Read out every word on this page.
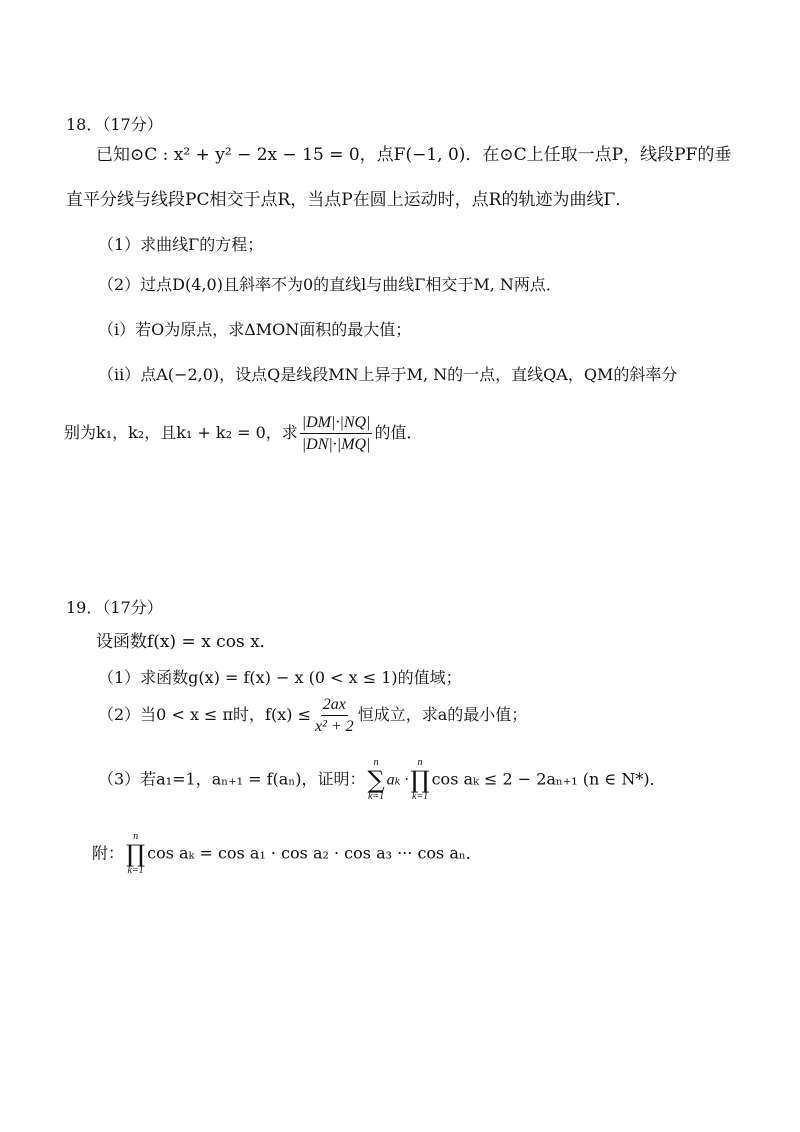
18．（17分）
已知⊙C : x² + y² − 2x − 15 = 0，点F(−1, 0)．在⊙C上任取一点P，线段PF的垂
直平分线与线段PC相交于点R，当点P在圆上运动时，点R的轨迹为曲线Γ．
（1）求曲线Γ的方程；
（2）过点D(4,0)且斜率不为0的直线l与曲线Γ相交于M, N两点．
（i）若O为原点，求ΔMON面积的最大值；
（ii）点A(−2,0)，设点Q是线段MN上异于M, N的一点，直线QA，QM的斜率分
别为k₁，k₂，且k₁ + k₂ = 0，求 $\frac{|DM|\cdot|NQ|}{|DN|\cdot|MQ|}$ 的值．
19．（17分）
设函数f(x) = x cos x．
（1）求函数g(x) = f(x) − x (0 < x ≤ 1)的值域；
（2）当0 < x ≤ π时，$f(x) \le \frac{2ax}{\text{x² + 2}}$ 恒成立，求a的最小值；
（3）若a₁=1，aₙ₊₁ = f(aₙ)，证明：
n
∑
k=1
aₖ ·
n
∏
k=1
cos aₖ ≤ 2 − 2aₙ₊₁ (n ∈ N*)．
附：
n
∏
k=1
cos aₖ = cos a₁ · cos a₂ · cos a₃ ··· cos aₙ．
